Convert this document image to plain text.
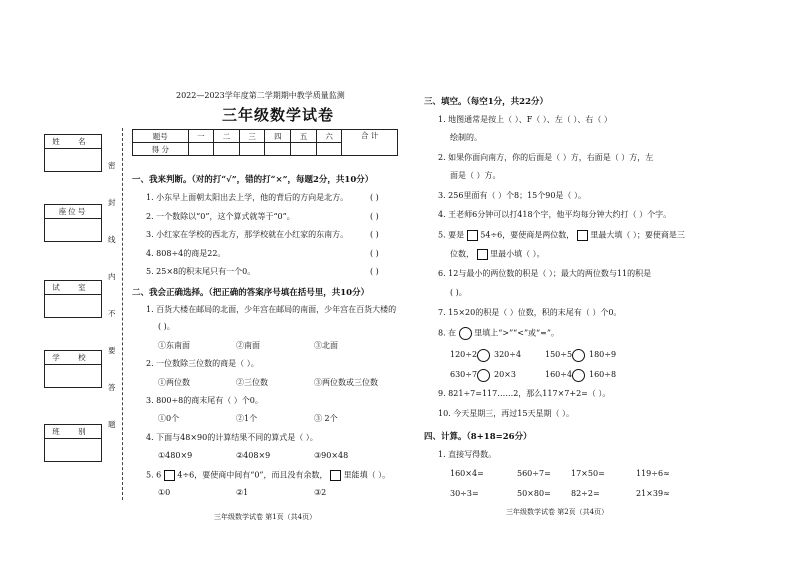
姓 名
座位号
试 室
学 校
班 别
密
封
线
内
不
要
答
题
2022—2023学年度第二学期期中教学质量监测
三年级数学试卷
题号	一	二	三	四	五	六	合 计
得 分							
一、我来判断。（对的打“√”，错的打“×”，每题2分，共10分）
1. 小东早上面朝太阳出去上学，他的背后的方向是北方。	( )
2. 一个数除以“0”，这个算式就等于“0”。	( )
3. 小红家在学校的西北方，那学校就在小红家的东南方。	( )
4. 808÷4的商是22。	( )
5. 25×8的积末尾只有一个0。	( )
二、我会正确选择。（把正确的答案序号填在括号里，共10分）
1. 百货大楼在邮局的北面，少年宫在邮局的南面，少年宫在百货大楼的
( )。
①东南面	②南面	③北面
2. 一位数除三位数的商是（ ）。
①两位数	②三位数	③两位数或三位数
3. 800÷8的商末尾有（ ）个0。
①0个	②1个	③ 2个
4. 下面与48×90的计算结果不同的算式是（ ）。
①480×9	②408×9	③90×48
5. 6 4÷6，要使商中间有“0”，而且没有余数， 里能填（ ）。
①0	②1	③2
三年级数学试卷 第1页（共4页）
三、填空。（每空1分，共22分）
1. 地图通常是按上（ ）、F（ ）、左（ ）、右（ ）
绘制的。
2. 如果你面向南方，你的后面是（ ）方，右面是（ ）方，左
面是（ ）方。
3. 256里面有（ ）个8；15个90是（ ）。
4. 王老师6分钟可以打418个字，他平均每分钟大约打（ ）个字。
5. 要是 54÷6，要使商是两位数， 里最大填（ ）；要使商是三
位数， 里最小填（ ）。
6. 12与最小的两位数的积是（ ）；最大的两位数与11的积是
( )。
7. 15×20的积是（ ）位数，积的末尾有（ ）个0。
8. 在 里填上“>”“<”或“=”。
120÷2 320÷4	150÷5 180÷9
630÷7 20×3	160÷4 160÷8
9. 821÷7=117……2，那么117×7+2=（ ）。
10. 今天星期三，再过15天星期（ ）。
四、计算。（8+18=26分）
1. 直接写得数。
160×4=	560÷7=	17×50=	119÷6≈
30÷3=	50×80=	82÷2=	21×39≈
三年级数学试卷 第2页（共4页）
